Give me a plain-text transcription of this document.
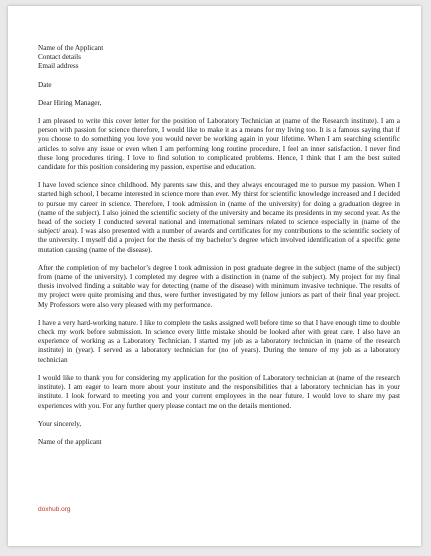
Name of the Applicant
Contact details
Email address
Date
Dear Hiring Manager,

I am pleased to write this cover letter for the position of Laboratory Technician at (name of the Research institute). I am a person with passion for science therefore, I would like to make it as a means for my living too. It is a famous saying that if you choose to do something you love you would never be working again in your lifetime. When I am searching scientific articles to solve any issue or even when I am performing long routine procedure, I feel an inner satisfaction. I never find these long procedures tiring. I love to find solution to complicated problems. Hence, I think that I am the best suited candidate for this position considering my passion, expertise and education.

I have loved science since childhood. My parents saw this, and they always encouraged me to pursue my passion. When I started high school, I became interested in science more than ever. My thirst for scientific knowledge increased and I decided to pursue my career in science. Therefore, I took admission in (name of the university) for doing a graduation degree in (name of the subject). I also joined the scientific society of the university and became its presidents in my second year. As the head of the society I conducted several national and international seminars related to science especially in (name of the subject/ area). I was also presented with a number of awards and certificates for my contributions to the scientific society of the university. I myself did a project for the thesis of my bachelor’s degree which involved identification of a specific gene mutation causing (name of the disease).

After the completion of my bachelor’s degree I took admission in post graduate degree in the subject (name of the subject) from (name of the university). I completed my degree with a distinction in (name of the subject). My project for my final thesis involved finding a suitable way for detecting (name of the disease) with minimum invasive technique. The results of my project were quite promising and thus, were further investigated by my fellow juniors as part of their final year project. My Professors were also very pleased with my performance.

I have a very hard-working nature. I like to complete the tasks assigned well before time so that I have enough time to double check my work before submission. In science every little mistake should be looked after with great care. I also have an experience of working as a Laboratory Technician. I started my job as a laboratory technician in (name of the research institute) in (year). I served as a laboratory technician for (no of years). During the tenure of my job as a laboratory technician

I would like to thank you for considering my application for the position of Laboratory technician at (name of the research institute). I am eager to learn more about your institute and the responsibilities that a laboratory technician has in your institute. I look forward to meeting you and your current employees in the near future. I would love to share my past experiences with you. For any further query please contact me on the details mentioned.

Your sincerely,
Name of the applicant
doxhub.org
